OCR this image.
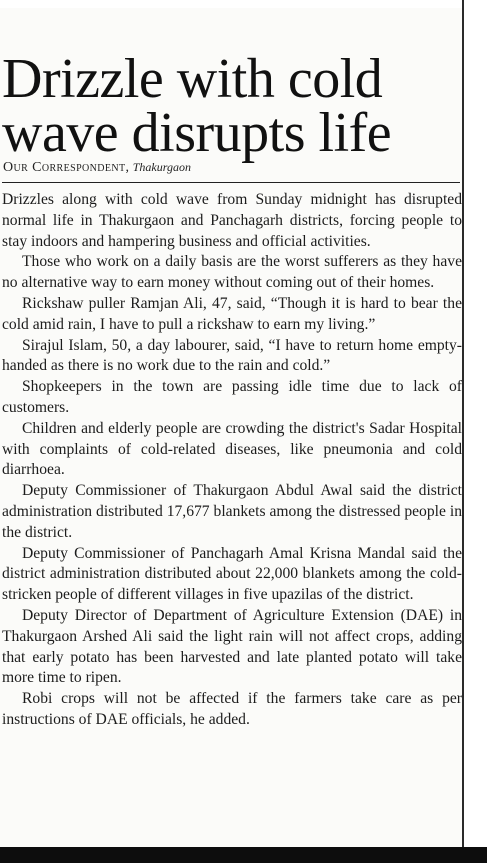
Drizzle with cold wave disrupts life
Our Correspondent, Thakurgaon

Drizzles along with cold wave from Sunday midnight has disrupted normal life in Thakurgaon and Panchagarh districts, forcing people to stay indoors and hampering business and official activities.

Those who work on a daily basis are the worst sufferers as they have no alternative way to earn money without coming out of their homes.

Rickshaw puller Ramjan Ali, 47, said, “Though it is hard to bear the cold amid rain, I have to pull a rickshaw to earn my living.”

Sirajul Islam, 50, a day labourer, said, “I have to return home empty-handed as there is no work due to the rain and cold.”

Shopkeepers in the town are passing idle time due to lack of customers.

Children and elderly people are crowding the district's Sadar Hospital with complaints of cold-related diseases, like pneumonia and cold diarrhoea.

Deputy Commissioner of Thakurgaon Abdul Awal said the district administration distributed 17,677 blankets among the distressed people in the district.

Deputy Commissioner of Panchagarh Amal Krisna Mandal said the district administration distributed about 22,000 blankets among the cold-stricken people of different villages in five upazilas of the district.

Deputy Director of Department of Agriculture Extension (DAE) in Thakurgaon Arshed Ali said the light rain will not affect crops, adding that early potato has been harvested and late planted potato will take more time to ripen.

Robi crops will not be affected if the farmers take care as per instructions of DAE officials, he added.
